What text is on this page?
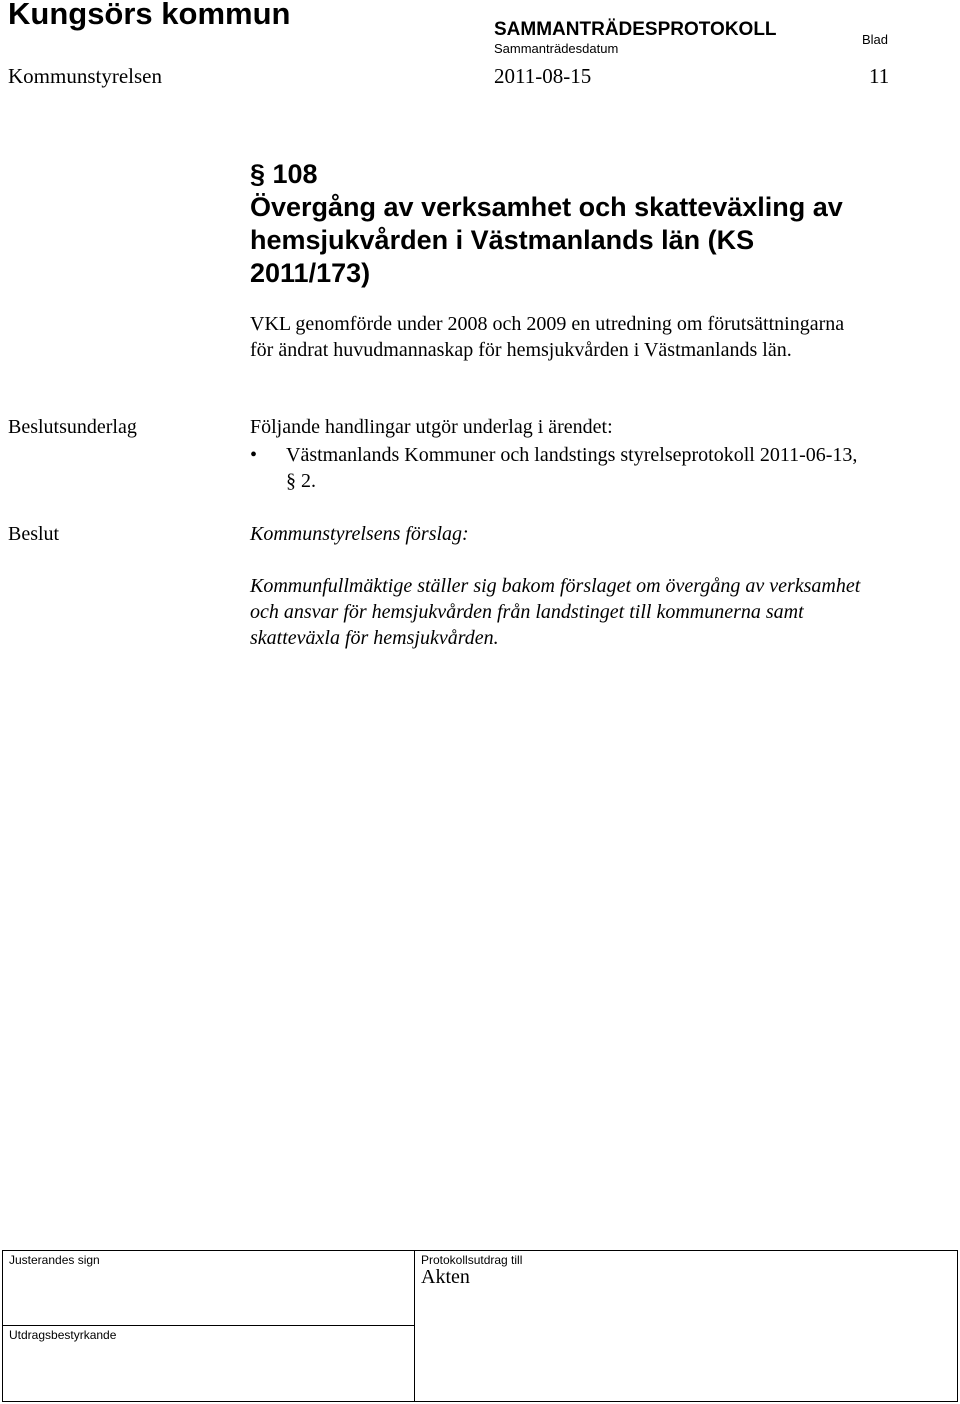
Kungsörs kommun	SAMMANTRÄDESPROTOKOLL
Sammanträdesdatum
Blad
Kommunstyrelsen	2011-08-15	11
§ 108
Övergång av verksamhet och skatteväxling av hemsjukvården i Västmanlands län (KS 2011/173)
VKL genomförde under 2008 och 2009 en utredning om förutsättningarna för ändrat huvudmannaskap för hemsjukvården i Västmanlands län.
Beslutsunderlag	Följande handlingar utgör underlag i ärendet:
• Västmanlands Kommuner och landstings styrelseprotokoll 2011-06-13, § 2.
Beslut	Kommunstyrelsens förslag:
Kommunfullmäktige ställer sig bakom förslaget om övergång av verksamhet och ansvar för hemsjukvården från landstinget till kommunerna samt skatteväxla för hemsjukvården.
Justerandes sign	Protokollsutdrag till
Akten
Utdragsbestyrkande
